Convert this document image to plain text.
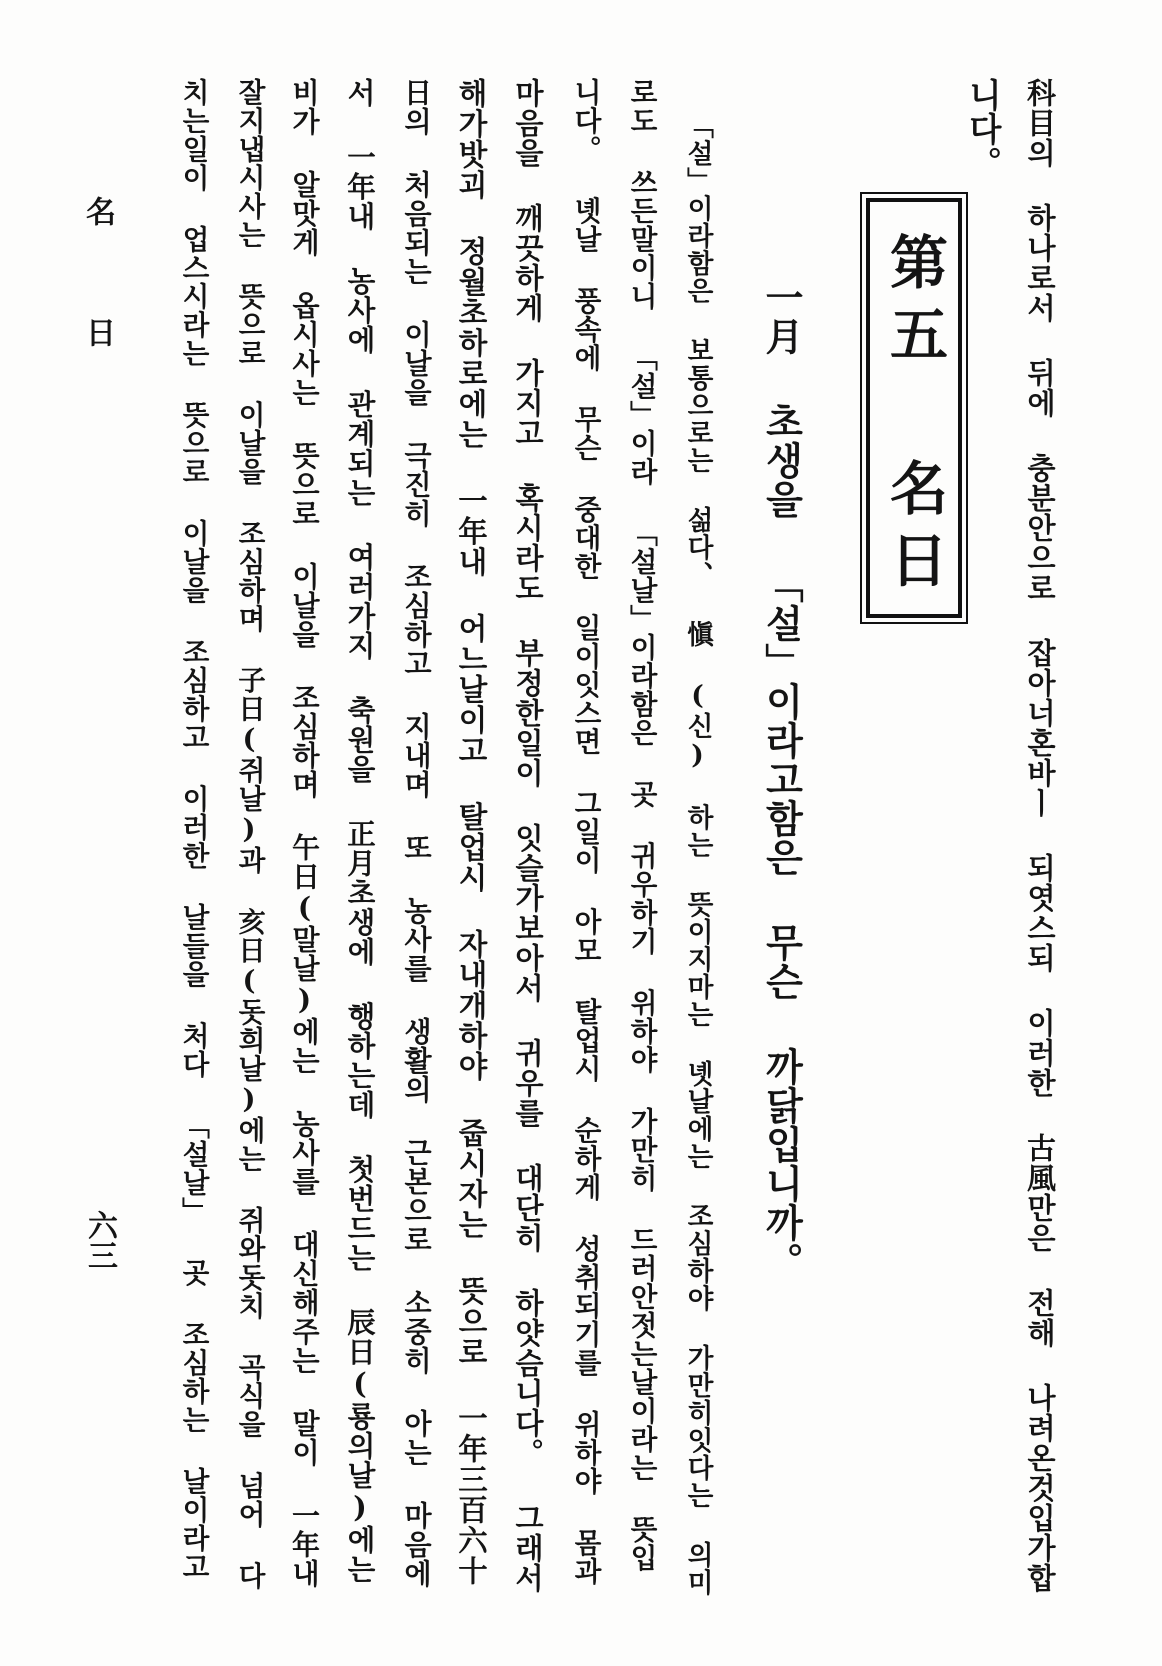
科目의 하나로서 뒤에 충분안으로 잡아너혼바ㅣ 되엿스되 이러한 古風만은 전해 나려온것입가합
니다。
第五 名日
一月 초생을 「설」이라고함은 무슨 까닭입니까。
「설」이라함은 보통으로는 섦다、 愼 (신) 하는 뜻이지마는 녯날에는 조심하야 가만히잇다는 의미
로도 쓰든말이니 「설」이라 「설날」이라함은 곳 귀우하기 위하야 가만히 드러안젓는날이라는 뜻입
니다。 녯날 풍속에 무슨 중대한 일이잇스면 그일이 아모 탈업시 순하게 성취되기를 위하야 몸과
마음을 깨끗하게 가지고 혹시라도 부정한일이 잇슬가보아서 귀우를 대단히 하얏슴니다。 그래서
해가밧괴 정월초하로에는 一年내 어느날이고 탈업시 자내개하야 줍시자는 뜻으로 一年三百六十
日의 처음되는 이날을 극진히 조심하고 지내며 또 농사를 생활의 근본으로 소중히 아는 마음에
서 一年내 농사에 관계되는 여러가지 축원을 正月초생에 행하는데 첫번드는 辰日(룡의날)에는
비가 알맛게 옵시사는 뜻으로 이날을 조심하며 午日(말날)에는 농사를 대신해주는 말이 一年내
잘지냅시사는 뜻으로 이날을 조심하며 子日(쥐날)과 亥日(돗희날)에는 쥐와돗치 곡식을 넘어 다
치는일이 업스시라는 뜻으로 이날을 조심하고 이러한 날들을 처다 「설날」 곳 조심하는 날이라고
名 日
六三
